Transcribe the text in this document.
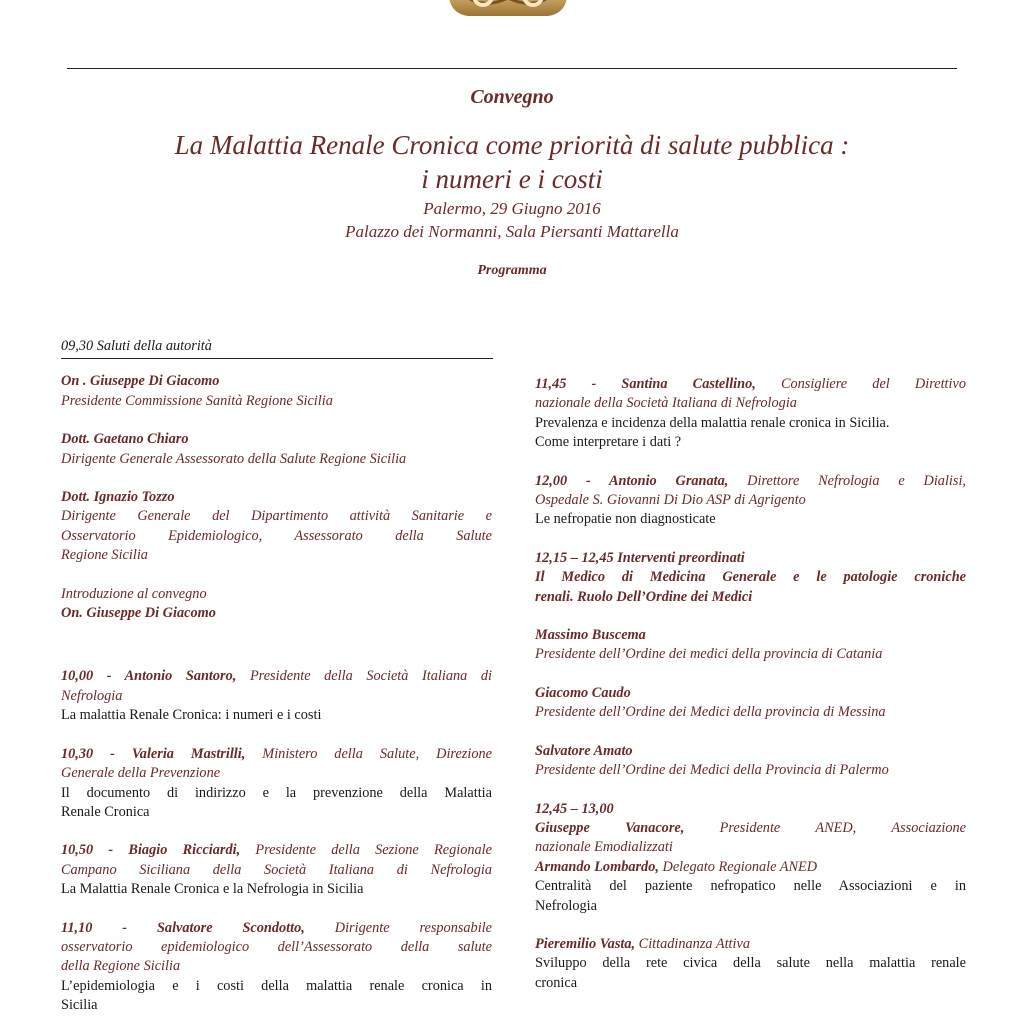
Convegno
La Malattia Renale Cronica come priorità di salute pubblica :
i numeri e i costi
Palermo, 29 Giugno 2016
Palazzo dei Normanni, Sala Piersanti Mattarella
Programma
09,30 Saluti della autorità
On . Giuseppe Di Giacomo
Presidente Commissione Sanità Regione Sicilia
Dott. Gaetano Chiaro
Dirigente Generale Assessorato della Salute Regione Sicilia
Dott. Ignazio Tozzo
Dirigente Generale del Dipartimento attività Sanitarie e
Osservatorio Epidemiologico, Assessorato della Salute
Regione Sicilia
Introduzione al convegno
On. Giuseppe Di Giacomo
10,00 - Antonio Santoro, Presidente della Società Italiana di
Nefrologia
La malattia Renale Cronica: i numeri e i costi
10,30 - Valeria Mastrilli, Ministero della Salute, Direzione
Generale della Prevenzione
Il documento di indirizzo e la prevenzione della Malattia
Renale Cronica
10,50 - Biagio Ricciardi, Presidente della Sezione Regionale
Campano Siciliana della Società Italiana di Nefrologia
La Malattia Renale Cronica e la Nefrologia in Sicilia
11,10 - Salvatore Scondotto, Dirigente responsabile
osservatorio epidemiologico dell’Assessorato della salute
della Regione Sicilia
L’epidemiologia e i costi della malattia renale cronica in
Sicilia
11,45 - Santina Castellino, Consigliere del Direttivo
nazionale della Società Italiana di Nefrologia
Prevalenza e incidenza della malattia renale cronica in Sicilia.
Come interpretare i dati ?
12,00 - Antonio Granata, Direttore Nefrologia e Dialisi,
Ospedale S. Giovanni Di Dio ASP di Agrigento
Le nefropatie non diagnosticate
12,15 – 12,45 Interventi preordinati
Il Medico di Medicina Generale e le patologie croniche
renali. Ruolo Dell’Ordine dei Medici
Massimo Buscema
Presidente dell’Ordine dei medici della provincia di Catania
Giacomo Caudo
Presidente dell’Ordine dei Medici della provincia di Messina
Salvatore Amato
Presidente dell’Ordine dei Medici della Provincia di Palermo
12,45 – 13,00
Giuseppe Vanacore, Presidente ANED, Associazione
nazionale Emodializzati
Armando Lombardo, Delegato Regionale ANED
Centralità del paziente nefropatico nelle Associazioni e in
Nefrologia
Pieremilio Vasta, Cittadinanza Attiva
Sviluppo della rete civica della salute nella malattia renale
cronica
